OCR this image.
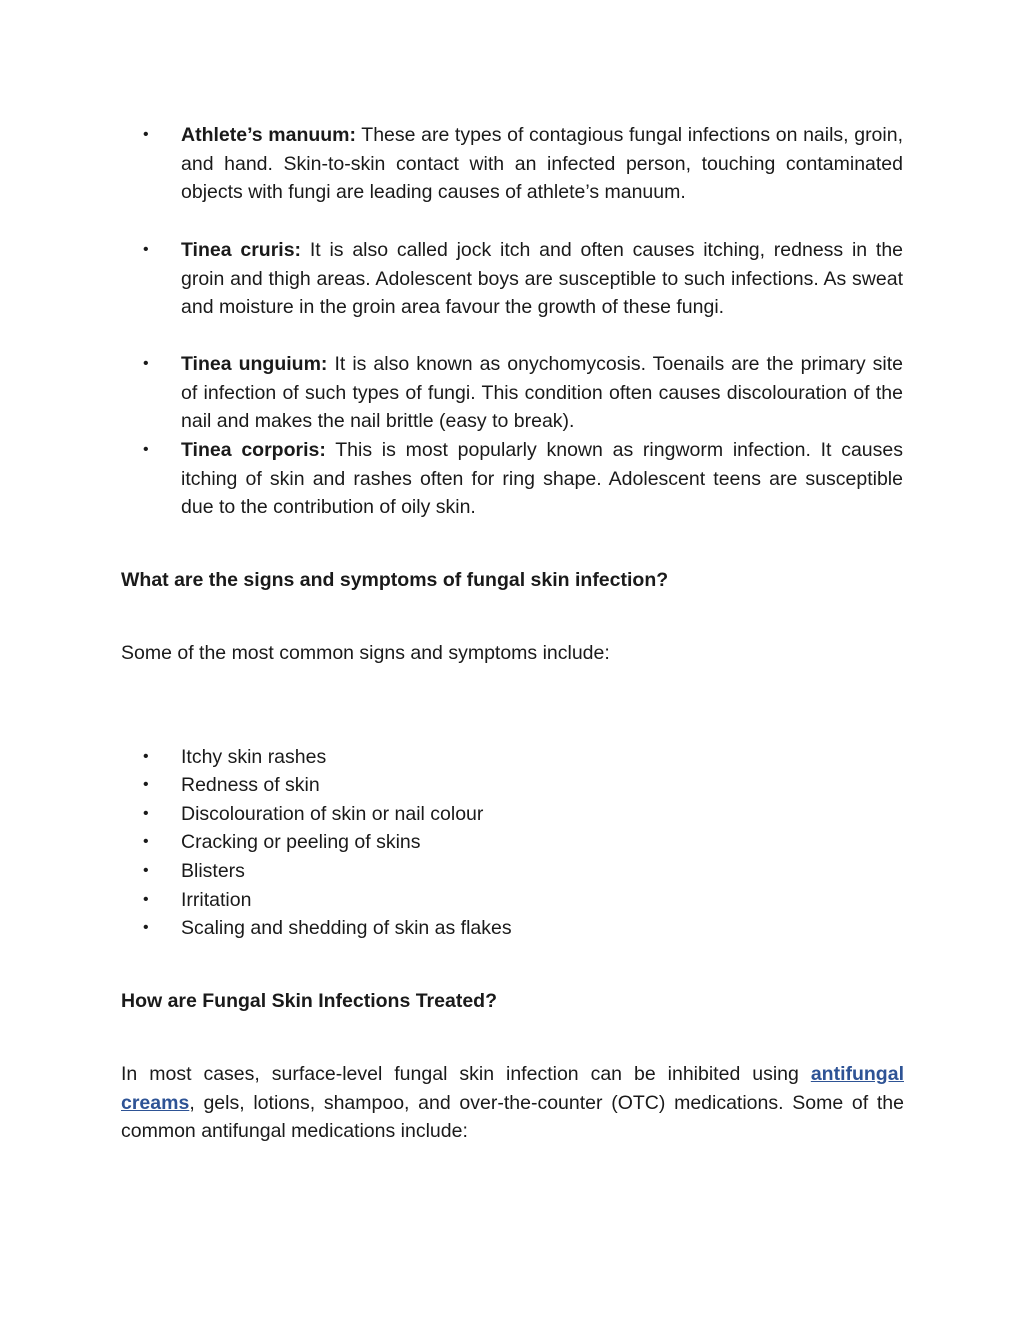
• Athlete’s manuum: These are types of contagious fungal infections on nails, groin, and hand. Skin-to-skin contact with an infected person, touching contaminated objects with fungi are leading causes of athlete’s manuum.

• Tinea cruris: It is also called jock itch and often causes itching, redness in the groin and thigh areas. Adolescent boys are susceptible to such infections. As sweat and moisture in the groin area favour the growth of these fungi.

• Tinea unguium: It is also known as onychomycosis. Toenails are the primary site of infection of such types of fungi. This condition often causes discolouration of the nail and makes the nail brittle (easy to break).

• Tinea corporis: This is most popularly known as ringworm infection. It causes itching of skin and rashes often for ring shape. Adolescent teens are susceptible due to the contribution of oily skin.

What are the signs and symptoms of fungal skin infection?

Some of the most common signs and symptoms include:

• Itchy skin rashes

• Redness of skin

• Discolouration of skin or nail colour

• Cracking or peeling of skins

• Blisters

• Irritation

• Scaling and shedding of skin as flakes

How are Fungal Skin Infections Treated?

In most cases, surface-level fungal skin infection can be inhibited using antifungal creams, gels, lotions, shampoo, and over-the-counter (OTC) medications. Some of the common antifungal medications include:
